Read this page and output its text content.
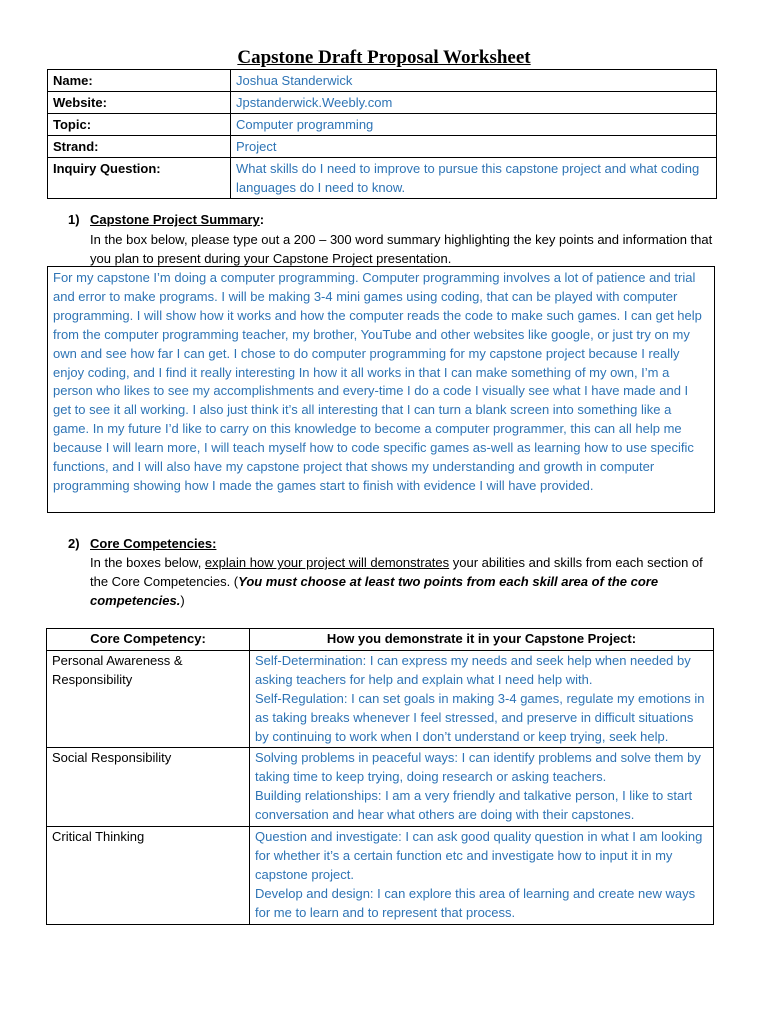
Capstone Draft Proposal Worksheet
Name:	Joshua Standerwick
Website:	Jpstanderwick.Weebly.com
Topic:	Computer programming
Strand:	Project
Inquiry Question:	What skills do I need to improve to pursue this capstone project and what coding languages do I need to know.
1) Capstone Project Summary:
In the box below, please type out a 200 – 300 word summary highlighting the key points and information that you plan to present during your Capstone Project presentation.
For my capstone I’m doing a computer programming. Computer programming involves a lot of patience and trial and error to make programs. I will be making 3-4 mini games using coding, that can be played with computer programming. I will show how it works and how the computer reads the code to make such games. I can get help from the computer programming teacher, my brother, YouTube and other websites like google, or just try on my own and see how far I can get. I chose to do computer programming for my capstone project because I really enjoy coding, and I find it really interesting In how it all works in that I can make something of my own, I’m a person who likes to see my accomplishments and every-time I do a code I visually see what I have made and I get to see it all working. I also just think it’s all interesting that I can turn a blank screen into something like a game. In my future I’d like to carry on this knowledge to become a computer programmer, this can all help me because I will learn more, I will teach myself how to code specific games as-well as learning how to use specific functions, and I will also have my capstone project that shows my understanding and growth in computer programming showing how I made the games start to finish with evidence I will have provided.
2) Core Competencies:
In the boxes below, explain how your project will demonstrates your abilities and skills from each section of the Core Competencies. (You must choose at least two points from each skill area of the core competencies.)
Core Competency:	How you demonstrate it in your Capstone Project:
Personal Awareness & Responsibility	Self-Determination: I can express my needs and seek help when needed by asking teachers for help and explain what I need help with.
Self-Regulation: I can set goals in making 3-4 games, regulate my emotions in as taking breaks whenever I feel stressed, and preserve in difficult situations by continuing to work when I don’t understand or keep trying, seek help.

Social Responsibility	Solving problems in peaceful ways: I can identify problems and solve them by taking time to keep trying, doing research or asking teachers.
Building relationships: I am a very friendly and talkative person, I like to start conversation and hear what others are doing with their capstones.

Critical Thinking	Question and investigate: I can ask good quality question in what I am looking for whether it’s a certain function etc and investigate how to input it in my capstone project.
Develop and design: I can explore this area of learning and create new ways for me to learn and to represent that process.
